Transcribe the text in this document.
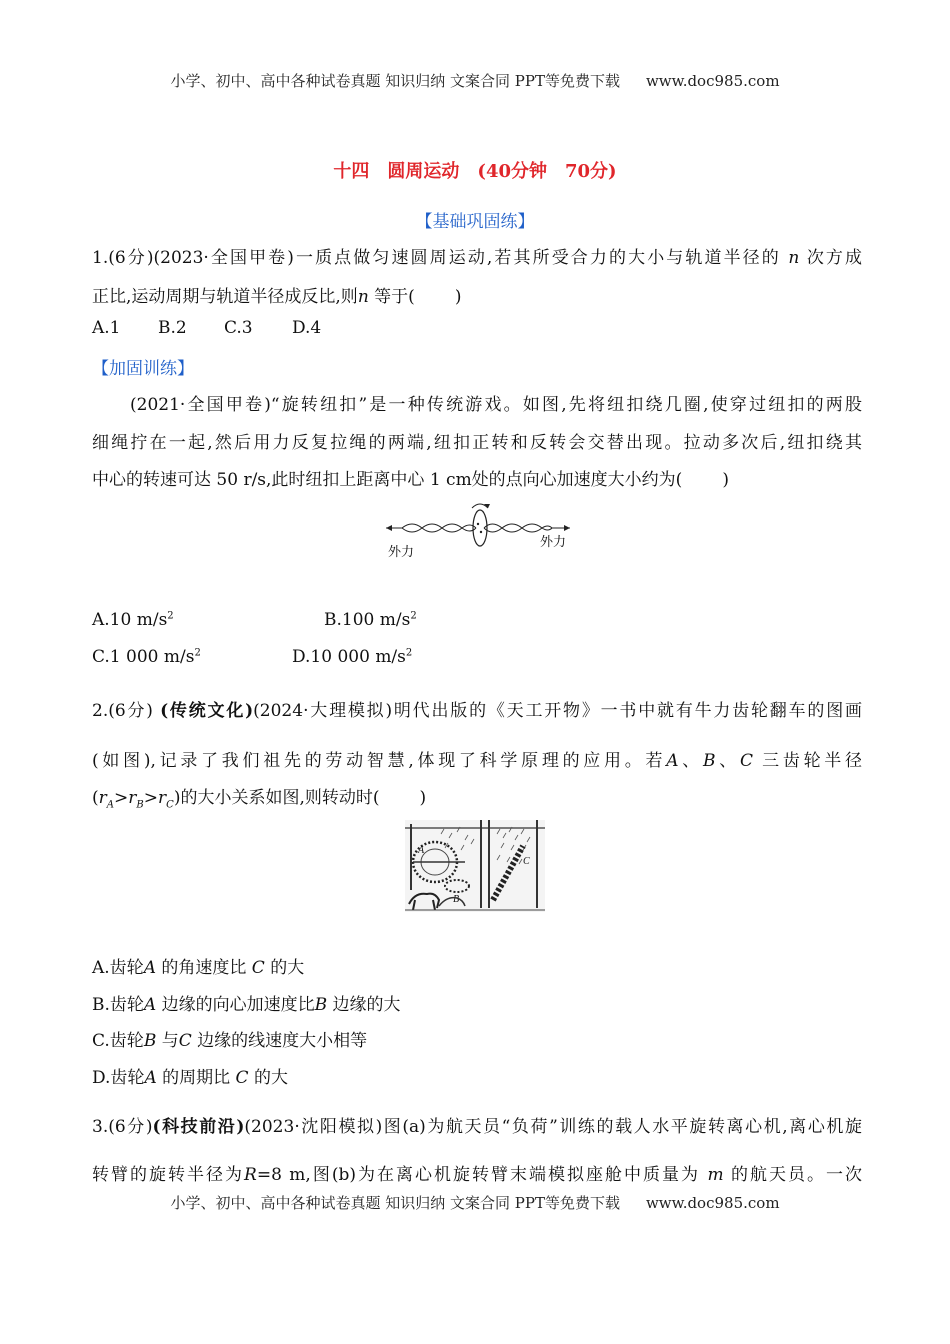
小学、初中、高中各种试卷真题 知识归纳 文案合同 PPT等免费下载 www.doc985.com
十四 圆周运动 (40分钟 70分)
【基础巩固练】
1.(6分)(2023·全国甲卷)一质点做匀速圆周运动,若其所受合力的大小与轨道半径的 n 次方成
正比,运动周期与轨道半径成反比,则n 等于( )
A.1 B.2 C.3 D.4
【加固训练】
(2021·全国甲卷)“旋转纽扣”是一种传统游戏。如图,先将纽扣绕几圈,使穿过纽扣的两股
细绳拧在一起,然后用力反复拉绳的两端,纽扣正转和反转会交替出现。拉动多次后,纽扣绕其
中心的转速可达 50 r/s,此时纽扣上距离中心 1 cm处的点向心加速度大小约为( )
外力
外力
A.10 $m/s^2$	B.100 $m/s^2$
C.1 000 $m/s^2$	D.10 000 $m/s^2$
2.(6分) (传统文化)(2024·大理模拟)明代出版的《天工开物》一书中就有牛力齿轮翻车的图画
(如图),记录了我们祖先的劳动智慧,体现了科学原理的应用。若A、B、C 三齿轮半径
$(r_A>r_B>r_C)$的大小关系如图,则转动时( )
A
B
C
A.齿轮A 的角速度比 C 的大
B.齿轮A 边缘的向心加速度比B 边缘的大
C.齿轮B 与C 边缘的线速度大小相等
D.齿轮A 的周期比 C 的大
3.(6分)(科技前沿)(2023·沈阳模拟)图(a)为航天员“负荷”训练的载人水平旋转离心机,离心机旋
转臂的旋转半径为R=8 m,图(b)为在离心机旋转臂末端模拟座舱中质量为 m 的航天员。一次
小学、初中、高中各种试卷真题 知识归纳 文案合同 PPT等免费下载 www.doc985.com
